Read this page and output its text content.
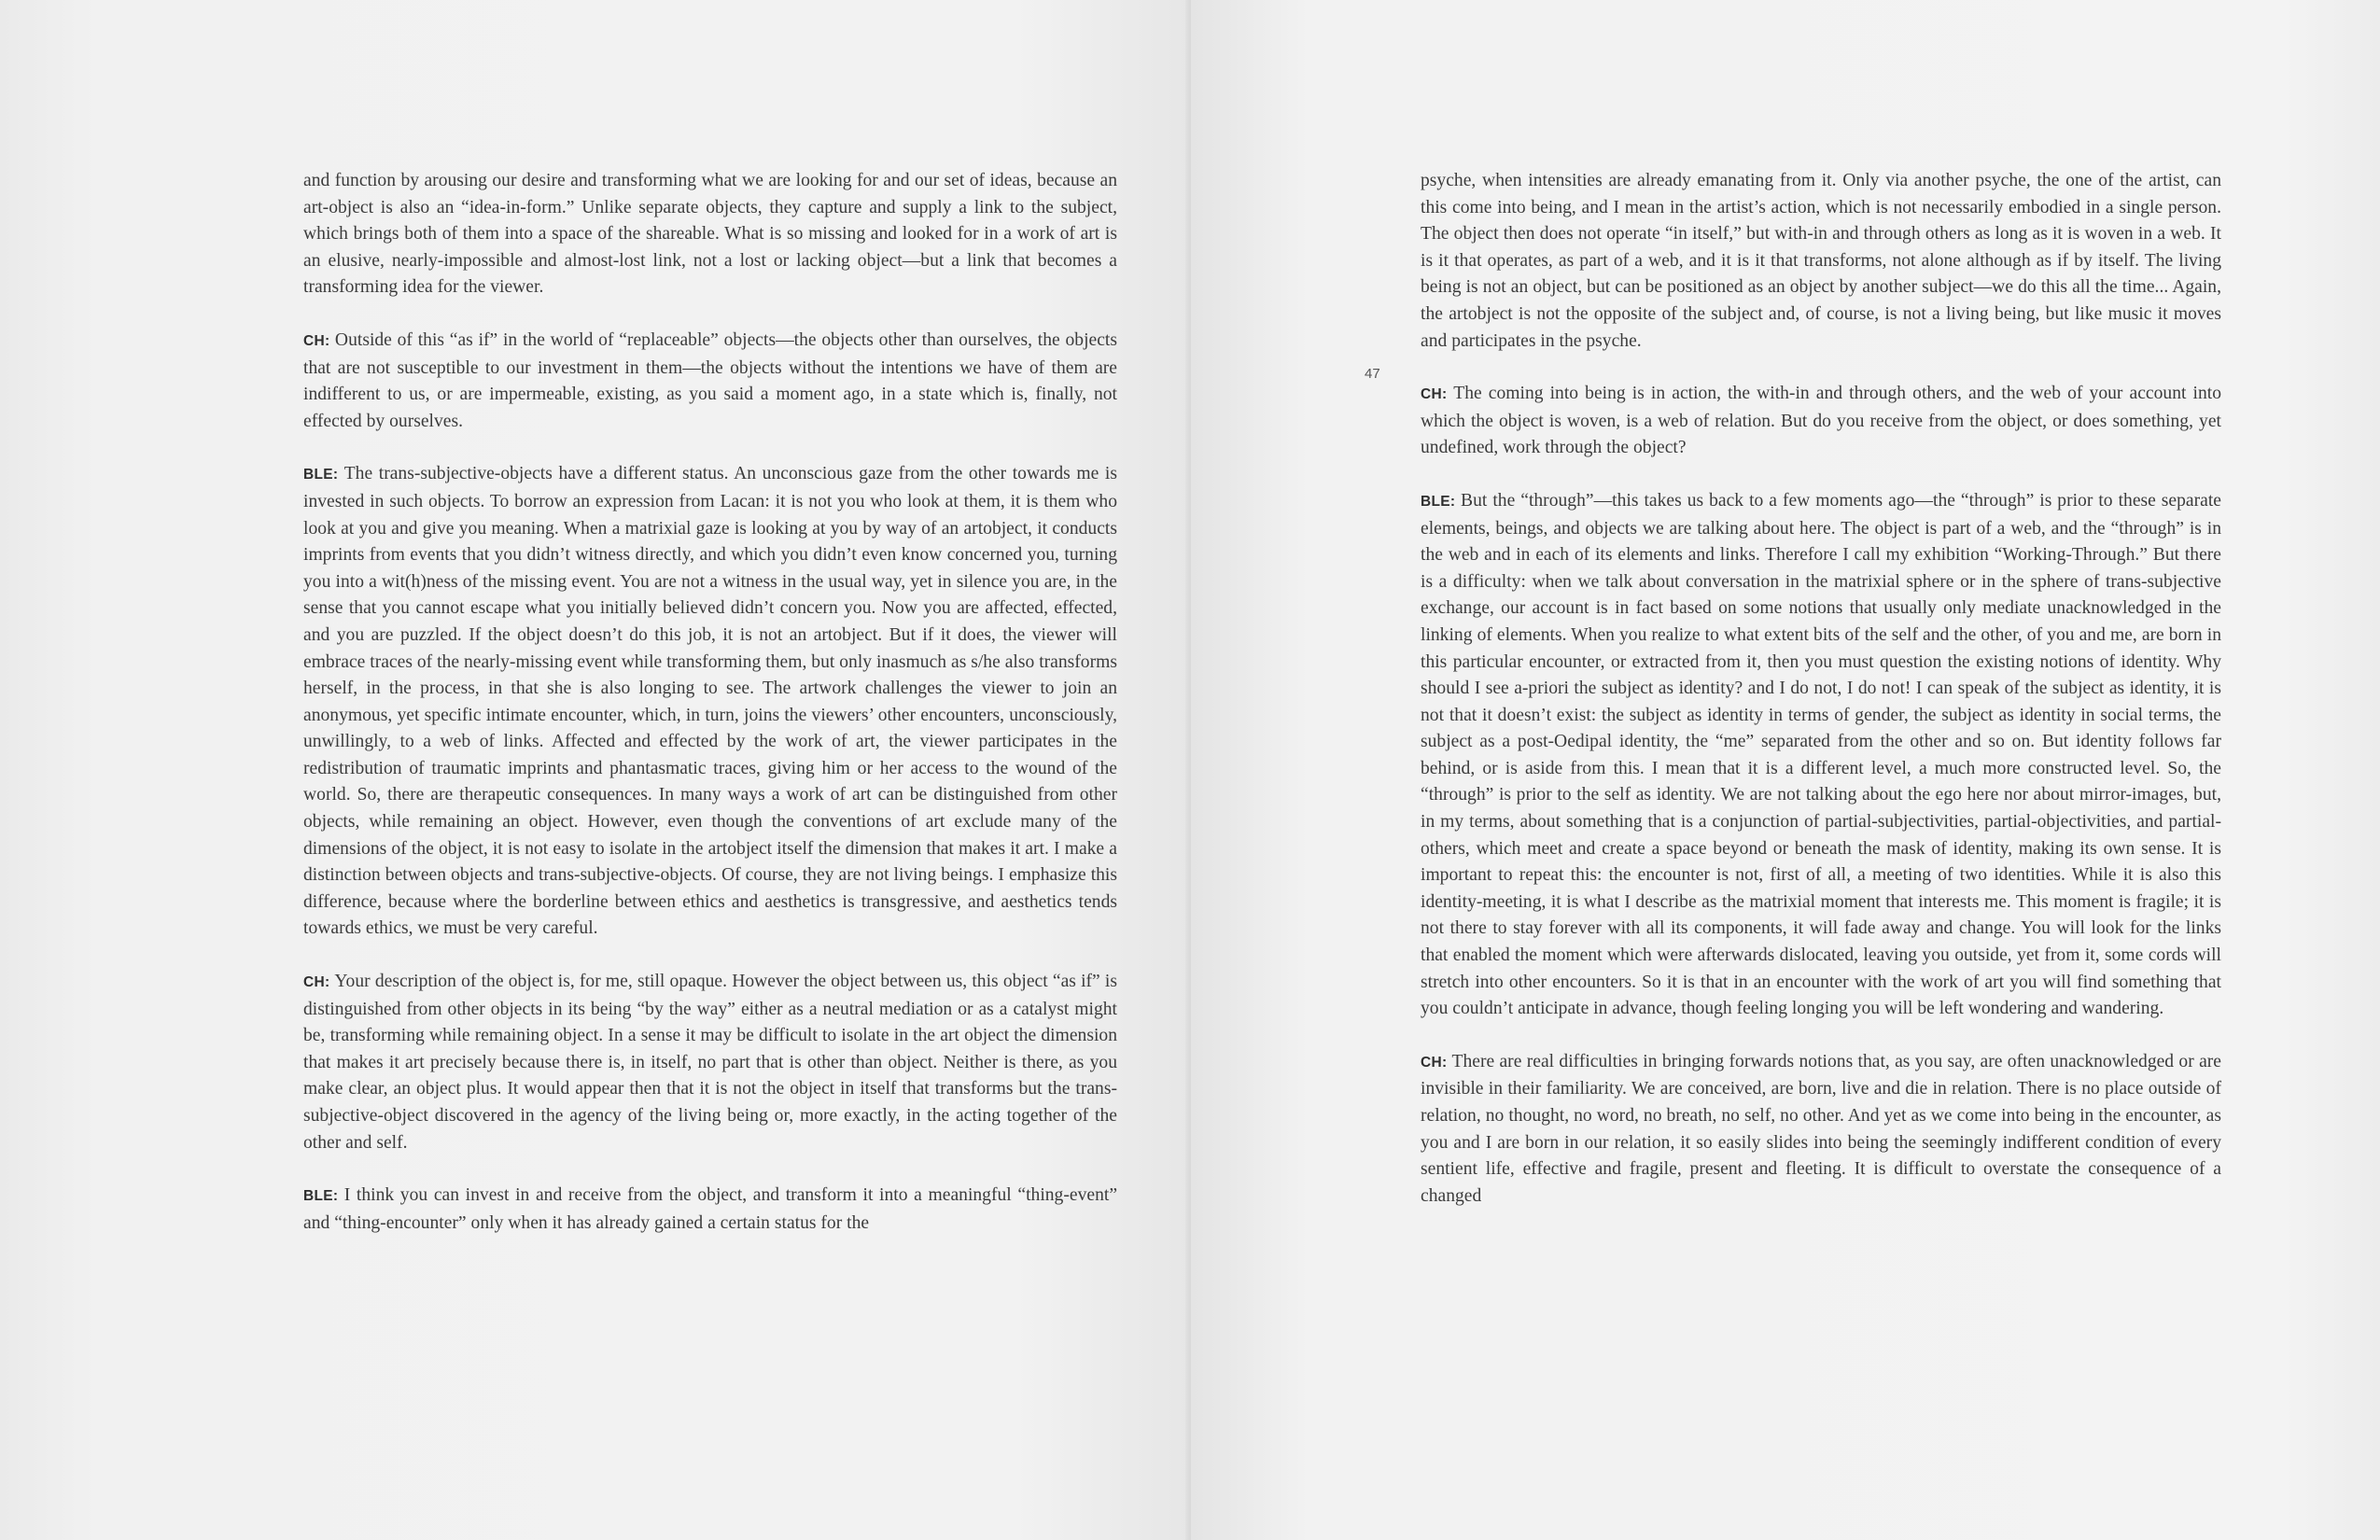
and function by arousing our desire and transforming what we are looking for and our set of ideas, because an art-object is also an “idea-in-form.” Unlike separate objects, they capture and supply a link to the subject, which brings both of them into a space of the shareable. What is so missing and looked for in a work of art is an elusive, nearly-impossible and almost-lost link, not a lost or lacking object—but a link that becomes a transforming idea for the viewer.

CH: Outside of this “as if” in the world of “replaceable” objects—the objects other than ourselves, the objects that are not susceptible to our investment in them—the objects without the intentions we have of them are indifferent to us, or are impermeable, existing, as you said a moment ago, in a state which is, finally, not effected by ourselves.

BLE: The trans-subjective-objects have a different status. An unconscious gaze from the other towards me is invested in such objects. To borrow an expression from Lacan: it is not you who look at them, it is them who look at you and give you meaning. When a matrixial gaze is looking at you by way of an artobject, it conducts imprints from events that you didn’t witness directly, and which you didn’t even know concerned you, turning you into a wit(h)ness of the missing event. You are not a witness in the usual way, yet in silence you are, in the sense that you cannot escape what you initially believed didn’t concern you. Now you are affected, effected, and you are puzzled. If the object doesn’t do this job, it is not an artobject. But if it does, the viewer will embrace traces of the nearly-missing event while transforming them, but only inasmuch as s/he also transforms herself, in the process, in that she is also longing to see. The artwork challenges the viewer to join an anonymous, yet specific intimate encounter, which, in turn, joins the viewers’ other encounters, unconsciously, unwillingly, to a web of links. Affected and effected by the work of art, the viewer participates in the redistribution of traumatic imprints and phantasmatic traces, giving him or her access to the wound of the world. So, there are therapeutic consequences. In many ways a work of art can be distinguished from other objects, while remaining an object. However, even though the conventions of art exclude many of the dimensions of the object, it is not easy to isolate in the artobject itself the dimension that makes it art. I make a distinction between objects and trans-subjective-objects. Of course, they are not living beings. I emphasize this difference, because where the borderline between ethics and aesthetics is transgressive, and aesthetics tends towards ethics, we must be very careful.

CH: Your description of the object is, for me, still opaque. However the object between us, this object “as if” is distinguished from other objects in its being “by the way” either as a neutral mediation or as a catalyst might be, transforming while remaining object. In a sense it may be difficult to isolate in the art object the dimension that makes it art precisely because there is, in itself, no part that is other than object. Neither is there, as you make clear, an object plus. It would appear then that it is not the object in itself that transforms but the trans-subjective-object discovered in the agency of the living being or, more exactly, in the acting together of the other and self.

BLE: I think you can invest in and receive from the object, and transform it into a meaningful “thing-event” and “thing-encounter” only when it has already gained a certain status for the

47

psyche, when intensities are already emanating from it. Only via another psyche, the one of the artist, can this come into being, and I mean in the artist’s action, which is not necessarily embodied in a single person. The object then does not operate “in itself,” but with-in and through others as long as it is woven in a web. It is it that operates, as part of a web, and it is it that transforms, not alone although as if by itself. The living being is not an object, but can be positioned as an object by another subject—we do this all the time... Again, the artobject is not the opposite of the subject and, of course, is not a living being, but like music it moves and participates in the psyche.

CH: The coming into being is in action, the with-in and through others, and the web of your account into which the object is woven, is a web of relation. But do you receive from the object, or does something, yet undefined, work through the object?

BLE: But the “through”—this takes us back to a few moments ago—the “through” is prior to these separate elements, beings, and objects we are talking about here. The object is part of a web, and the “through” is in the web and in each of its elements and links. Therefore I call my exhibition “Working-Through.” But there is a difficulty: when we talk about conversation in the matrixial sphere or in the sphere of trans-subjective exchange, our account is in fact based on some notions that usually only mediate unacknowledged in the linking of elements. When you realize to what extent bits of the self and the other, of you and me, are born in this particular encounter, or extracted from it, then you must question the existing notions of identity. Why should I see a-priori the subject as identity? and I do not, I do not! I can speak of the subject as identity, it is not that it doesn’t exist: the subject as identity in terms of gender, the subject as identity in social terms, the subject as a post-Oedipal identity, the “me” separated from the other and so on. But identity follows far behind, or is aside from this. I mean that it is a different level, a much more constructed level. So, the “through” is prior to the self as identity. We are not talking about the ego here nor about mirror-images, but, in my terms, about something that is a conjunction of partial-subjectivities, partial-objectivities, and partial-others, which meet and create a space beyond or beneath the mask of identity, making its own sense. It is important to repeat this: the encounter is not, first of all, a meeting of two identities. While it is also this identity-meeting, it is what I describe as the matrixial moment that interests me. This moment is fragile; it is not there to stay forever with all its components, it will fade away and change. You will look for the links that enabled the moment which were afterwards dislocated, leaving you outside, yet from it, some cords will stretch into other encounters. So it is that in an encounter with the work of art you will find something that you couldn’t anticipate in advance, though feeling longing you will be left wondering and wandering.

CH: There are real difficulties in bringing forwards notions that, as you say, are often unacknowledged or are invisible in their familiarity. We are conceived, are born, live and die in relation. There is no place outside of relation, no thought, no word, no breath, no self, no other. And yet as we come into being in the encounter, as you and I are born in our relation, it so easily slides into being the seemingly indifferent condition of every sentient life, effective and fragile, present and fleeting. It is difficult to overstate the consequence of a changed
